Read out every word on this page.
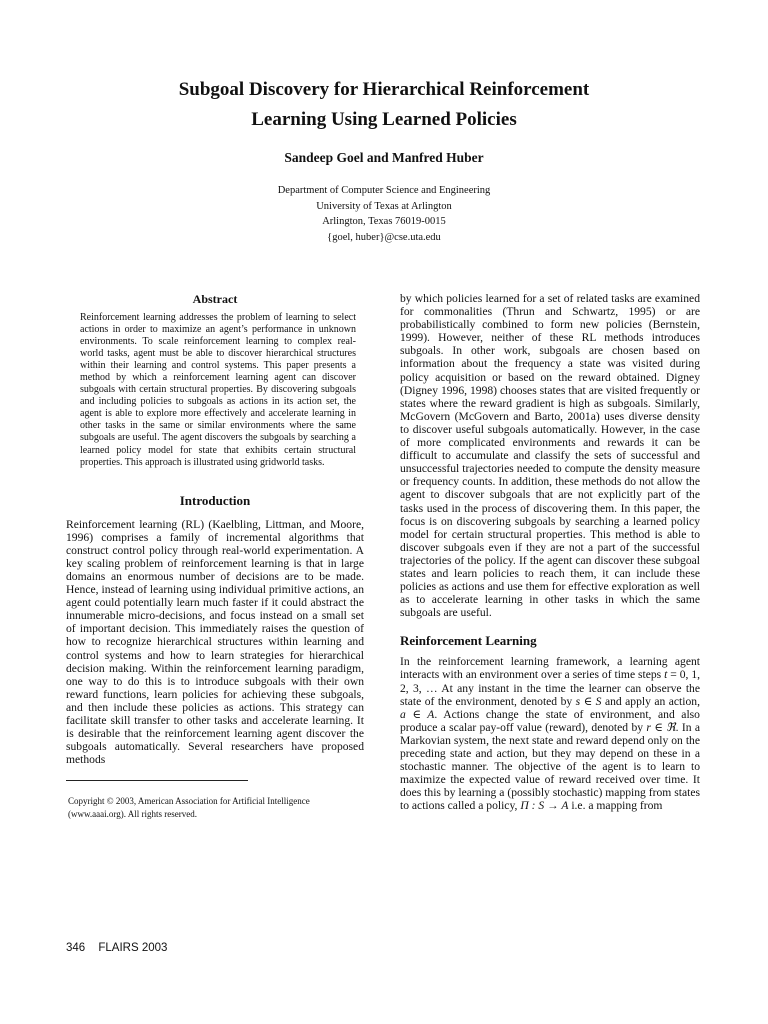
Subgoal Discovery for Hierarchical Reinforcement
Learning Using Learned Policies

Sandeep Goel and Manfred Huber

Department of Computer Science and Engineering
University of Texas at Arlington
Arlington, Texas 76019-0015
{goel, huber}@cse.uta.edu
Abstract

Reinforcement learning addresses the problem of learning to select actions in order to maximize an agent’s performance in unknown environments. To scale reinforcement learning to complex real-world tasks, agent must be able to discover hierarchical structures within their learning and control systems. This paper presents a method by which a reinforcement learning agent can discover subgoals with certain structural properties. By discovering subgoals and including policies to subgoals as actions in its action set, the agent is able to explore more effectively and accelerate learning in other tasks in the same or similar environments where the same subgoals are useful. The agent discovers the subgoals by searching a learned policy model for state that exhibits certain structural properties. This approach is illustrated using gridworld tasks.

Introduction

Reinforcement learning (RL) (Kaelbling, Littman, and Moore, 1996) comprises a family of incremental algorithms that construct control policy through real-world experimentation. A key scaling problem of reinforcement learning is that in large domains an enormous number of decisions are to be made. Hence, instead of learning using individual primitive actions, an agent could potentially learn much faster if it could abstract the innumerable micro-decisions, and focus instead on a small set of important decision. This immediately raises the question of how to recognize hierarchical structures within learning and control systems and how to learn strategies for hierarchical decision making. Within the reinforcement learning paradigm, one way to do this is to introduce subgoals with their own reward functions, learn policies for achieving these subgoals, and then include these policies as actions. This strategy can facilitate skill transfer to other tasks and accelerate learning. It is desirable that the reinforcement learning agent discover the subgoals automatically. Several researchers have proposed methods

Copyright © 2003, American Association for Artificial Intelligence
(www.aaai.org). All rights reserved.

by which policies learned for a set of related tasks are examined for commonalities (Thrun and Schwartz, 1995) or are probabilistically combined to form new policies (Bernstein, 1999). However, neither of these RL methods introduces subgoals. In other work, subgoals are chosen based on information about the frequency a state was visited during policy acquisition or based on the reward obtained. Digney (Digney 1996, 1998) chooses states that are visited frequently or states where the reward gradient is high as subgoals. Similarly, McGovern (McGovern and Barto, 2001a) uses diverse density to discover useful subgoals automatically. However, in the case of more complicated environments and rewards it can be difficult to accumulate and classify the sets of successful and unsuccessful trajectories needed to compute the density measure or frequency counts. In addition, these methods do not allow the agent to discover subgoals that are not explicitly part of the tasks used in the process of discovering them. In this paper, the focus is on discovering subgoals by searching a learned policy model for certain structural properties. This method is able to discover subgoals even if they are not a part of the successful trajectories of the policy. If the agent can discover these subgoal states and learn policies to reach them, it can include these policies as actions and use them for effective exploration as well as to accelerate learning in other tasks in which the same subgoals are useful.

Reinforcement Learning

In the reinforcement learning framework, a learning agent interacts with an environment over a series of time steps t = 0, 1, 2, 3, … At any instant in the time the learner can observe the state of the environment, denoted by s ∈ S and apply an action, a ∈ A. Actions change the state of environment, and also produce a scalar pay-off value (reward), denoted by r ∈ ℜ. In a Markovian system, the next state and reward depend only on the preceding state and action, but they may depend on these in a stochastic manner. The objective of the agent is to learn to maximize the expected value of reward received over time. It does this by learning a (possibly stochastic) mapping from states to actions called a policy, Π : S → A i.e. a mapping from

346 FLAIRS 2003
